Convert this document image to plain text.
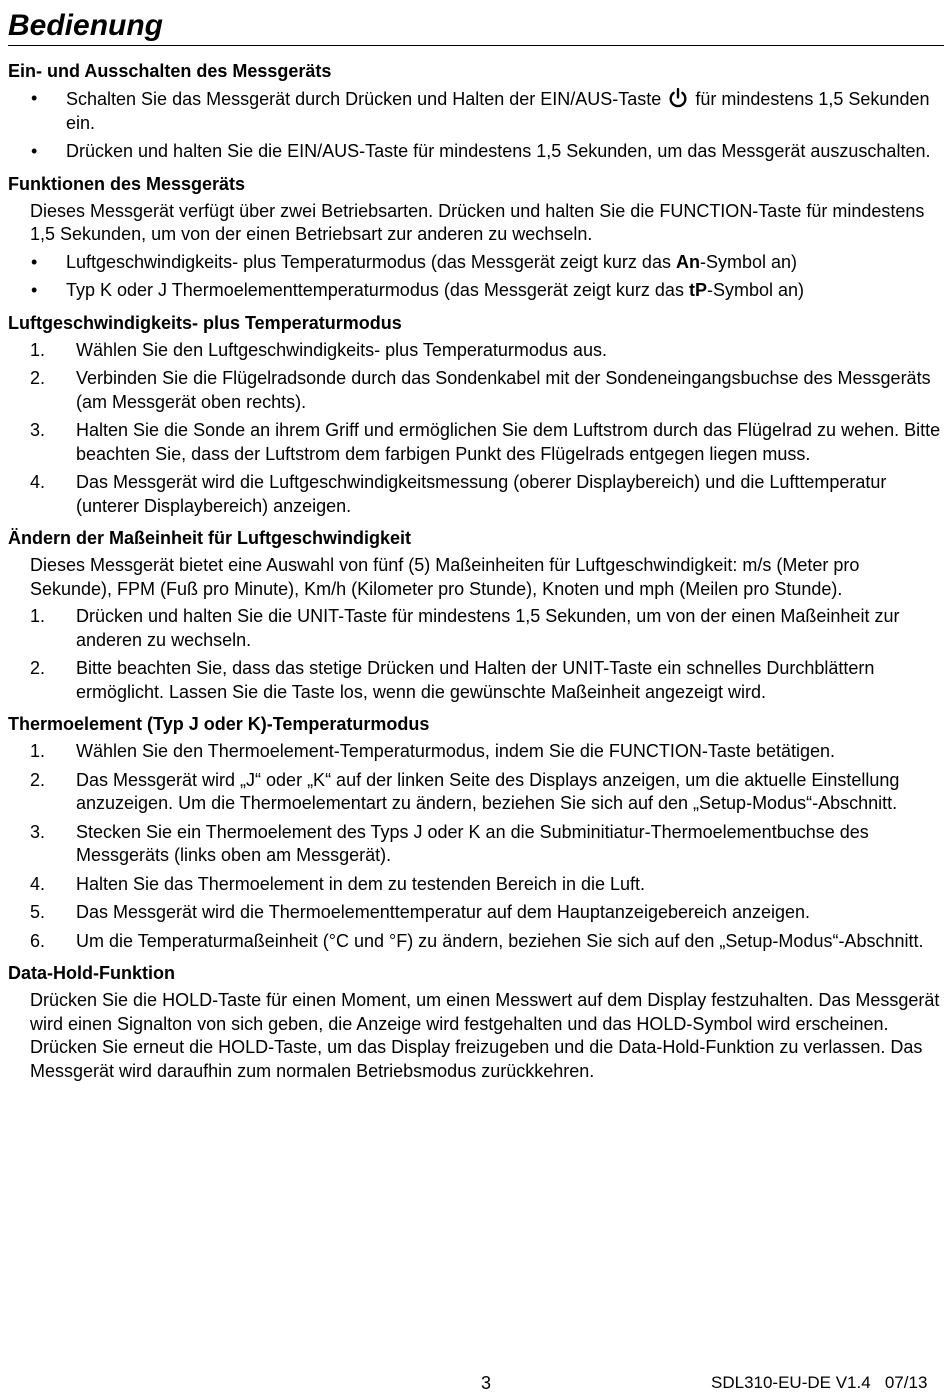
Bedienung
Ein- und Ausschalten des Messgeräts
• Schalten Sie das Messgerät durch Drücken und Halten der EIN/AUS-Taste für mindestens 1,5 Sekunden ein.
• Drücken und halten Sie die EIN/AUS-Taste für mindestens 1,5 Sekunden, um das Messgerät auszuschalten.
Funktionen des Messgeräts

Dieses Messgerät verfügt über zwei Betriebsarten. Drücken und halten Sie die FUNCTION-Taste für mindestens 1,5 Sekunden, um von der einen Betriebsart zur anderen zu wechseln.

• Luftgeschwindigkeits- plus Temperaturmodus (das Messgerät zeigt kurz das An-Symbol an)
• Typ K oder J Thermoelementtemperaturmodus (das Messgerät zeigt kurz das tP-Symbol an)
Luftgeschwindigkeits- plus Temperaturmodus
1. Wählen Sie den Luftgeschwindigkeits- plus Temperaturmodus aus.
2. Verbinden Sie die Flügelradsonde durch das Sondenkabel mit der Sondeneingangsbuchse des Messgeräts (am Messgerät oben rechts).
3. Halten Sie die Sonde an ihrem Griff und ermöglichen Sie dem Luftstrom durch das Flügelrad zu wehen. Bitte beachten Sie, dass der Luftstrom dem farbigen Punkt des Flügelrads entgegen liegen muss.
4. Das Messgerät wird die Luftgeschwindigkeitsmessung (oberer Displaybereich) und die Lufttemperatur (unterer Displaybereich) anzeigen.
Ändern der Maßeinheit für Luftgeschwindigkeit

Dieses Messgerät bietet eine Auswahl von fünf (5) Maßeinheiten für Luftgeschwindigkeit: m/s (Meter pro Sekunde), FPM (Fuß pro Minute), Km/h (Kilometer pro Stunde), Knoten und mph (Meilen pro Stunde).

1. Drücken und halten Sie die UNIT-Taste für mindestens 1,5 Sekunden, um von der einen Maßeinheit zur anderen zu wechseln.
2. Bitte beachten Sie, dass das stetige Drücken und Halten der UNIT-Taste ein schnelles Durchblättern ermöglicht. Lassen Sie die Taste los, wenn die gewünschte Maßeinheit angezeigt wird.
Thermoelement (Typ J oder K)-Temperaturmodus
1. Wählen Sie den Thermoelement-Temperaturmodus, indem Sie die FUNCTION-Taste betätigen.
2. Das Messgerät wird „J“ oder „K“ auf der linken Seite des Displays anzeigen, um die aktuelle Einstellung anzuzeigen. Um die Thermoelementart zu ändern, beziehen Sie sich auf den „Setup-Modus“-Abschnitt.
3. Stecken Sie ein Thermoelement des Typs J oder K an die Subminitiatur-Thermoelementbuchse des Messgeräts (links oben am Messgerät).
4. Halten Sie das Thermoelement in dem zu testenden Bereich in die Luft.
5. Das Messgerät wird die Thermoelementtemperatur auf dem Hauptanzeigebereich anzeigen.
6. Um die Temperaturmaßeinheit (°C und °F) zu ändern, beziehen Sie sich auf den „Setup-Modus“-Abschnitt.
Data-Hold-Funktion

Drücken Sie die HOLD-Taste für einen Moment, um einen Messwert auf dem Display festzuhalten. Das Messgerät wird einen Signalton von sich geben, die Anzeige wird festgehalten und das HOLD-Symbol wird erscheinen. Drücken Sie erneut die HOLD-Taste, um das Display freizugeben und die Data-Hold-Funktion zu verlassen. Das Messgerät wird daraufhin zum normalen Betriebsmodus zurückkehren.

3	SDL310-EU-DE V1.4   07/13
